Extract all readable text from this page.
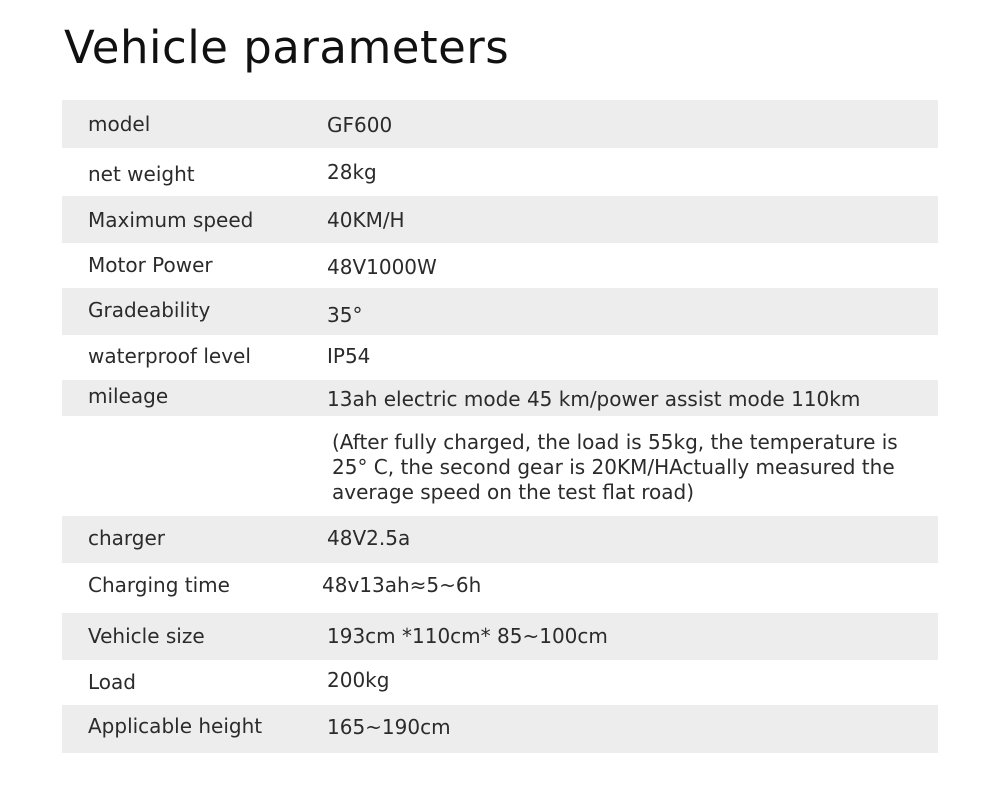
Vehicle parameters
model	GF600
net weight	28kg
Maximum speed	40KM/H
Motor Power	48V1000W
Gradeability	35°
waterproof level	IP54
mileage	13ah electric mode 45 km/power assist mode 110km
(After fully charged, the load is 55kg, the temperature is 25° C, the second gear is 20KM/HActually measured the average speed on the test flat road)
charger	48V2.5a
Charging time	48v13ah≈5~6h
Vehicle size	193cm *110cm* 85~100cm
Load	200kg
Applicable height	165~190cm
